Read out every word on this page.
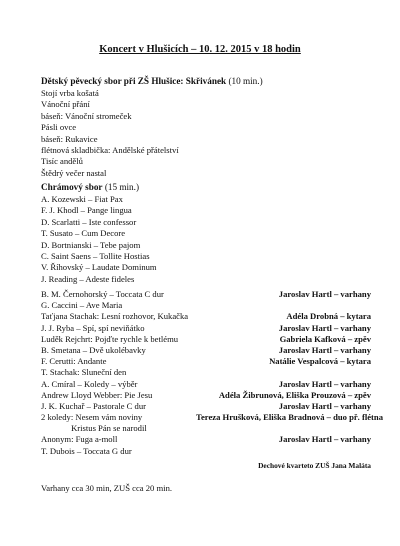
Koncert v Hlušicích – 10. 12. 2015 v 18 hodin
Dětský pěvecký sbor při ZŠ Hlušice: Skřivánek (10 min.)
Stojí vrba košatá
Vánoční přání
báseň: Vánoční stromeček
Pásli ovce
báseň: Rukavice
flétnová skladbička: Andělské přátelství
Tisíc andělů
Štědrý večer nastal
Chrámový sbor (15 min.)
A. Kozewski – Fiat Pax
F. J. Khodl – Pange lingua
D. Scarlatti – Iste confessor
T. Susato – Cum Decore
D. Bortnianski – Tebe pajom
C. Saint Saens – Tollite Hostias
V. Říhovský – Laudate Dominum
J. Reading – Adeste fideles
B. M. Černohorský – Toccata C dur	Jaroslav Hartl – varhany
G. Caccini – Ave Maria
Taťjana Stachak: Lesní rozhovor, Kukačka	Adéla Drobná – kytara
J. J. Ryba – Spí, spí neviňátko	Jaroslav Hartl – varhany
Luděk Rejchrt: Pojďte rychle k betlému	Gabriela Kafková – zpěv
B. Smetana – Dvě ukolébavky	Jaroslav Hartl – varhany
F. Cerutti: Andante	Natálie Vespalcová – kytara
T. Stachak: Sluneční den
A. Cmíral – Koledy – výběr	Jaroslav Hartl – varhany
Andrew Lloyd Webber: Pie Jesu	Adéla Žibrunová, Eliška Prouzová – zpěv
J. K. Kuchař – Pastorale C dur	Jaroslav Hartl – varhany
2 koledy: Nesem vám noviny	Tereza Hrušková, Eliška Bradnová – duo př. flétna
Kristus Pán se narodil
Anonym: Fuga a-moll	Jaroslav Hartl – varhany
T. Dubois – Toccata G dur
Dechové kvarteto ZUŠ Jana Maláta
Varhany cca 30 min, ZUŠ cca 20 min.
